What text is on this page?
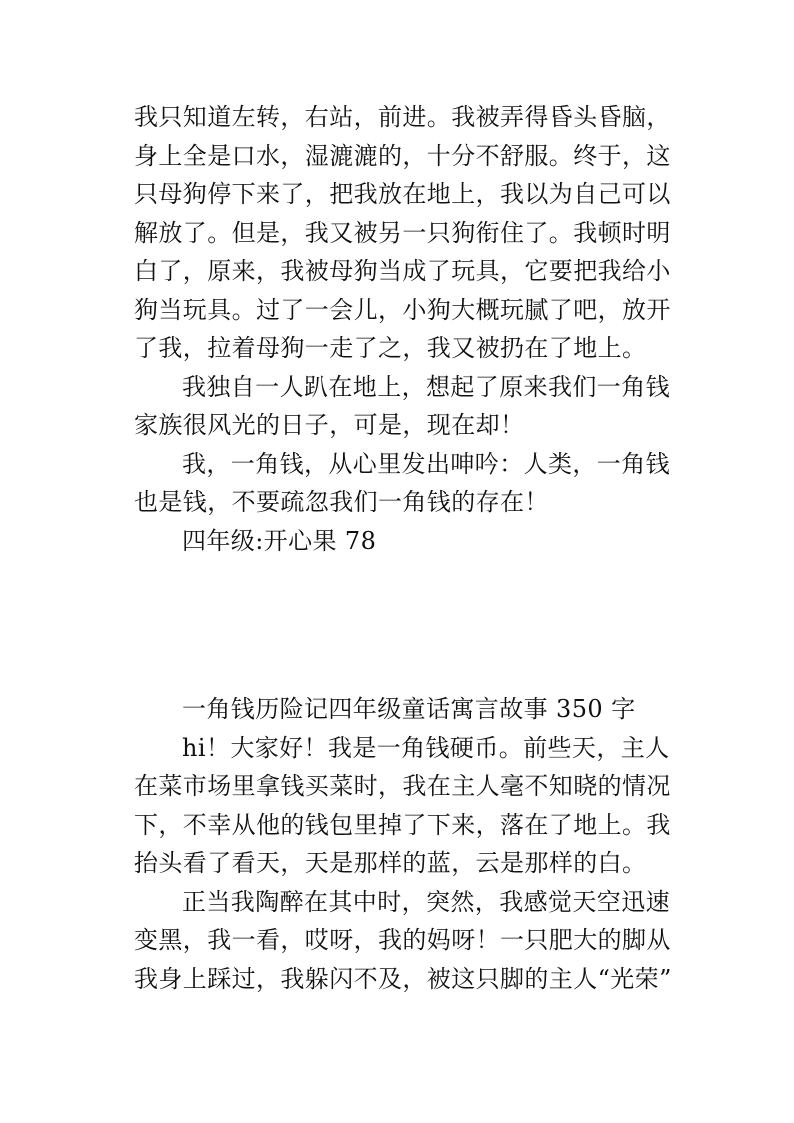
我只知道左转，右站，前进。我被弄得昏头昏脑，
身上全是口水，湿漉漉的，十分不舒服。终于，这
只母狗停下来了，把我放在地上，我以为自己可以
解放了。但是，我又被另一只狗衔住了。我顿时明
白了，原来，我被母狗当成了玩具，它要把我给小
狗当玩具。过了一会儿，小狗大概玩腻了吧，放开
了我，拉着母狗一走了之，我又被扔在了地上。
我独自一人趴在地上，想起了原来我们一角钱
家族很风光的日子，可是，现在却！
我，一角钱，从心里发出呻吟：人类，一角钱
也是钱，不要疏忽我们一角钱的存在！
四年级:开心果 78
一角钱历险记四年级童话寓言故事 350 字
hi！大家好！我是一角钱硬币。前些天，主人
在菜市场里拿钱买菜时，我在主人毫不知晓的情况
下，不幸从他的钱包里掉了下来，落在了地上。我
抬头看了看天，天是那样的蓝，云是那样的白。
正当我陶醉在其中时，突然，我感觉天空迅速
变黑，我一看，哎呀，我的妈呀！一只肥大的脚从
我身上踩过，我躲闪不及，被这只脚的主人“光荣”
